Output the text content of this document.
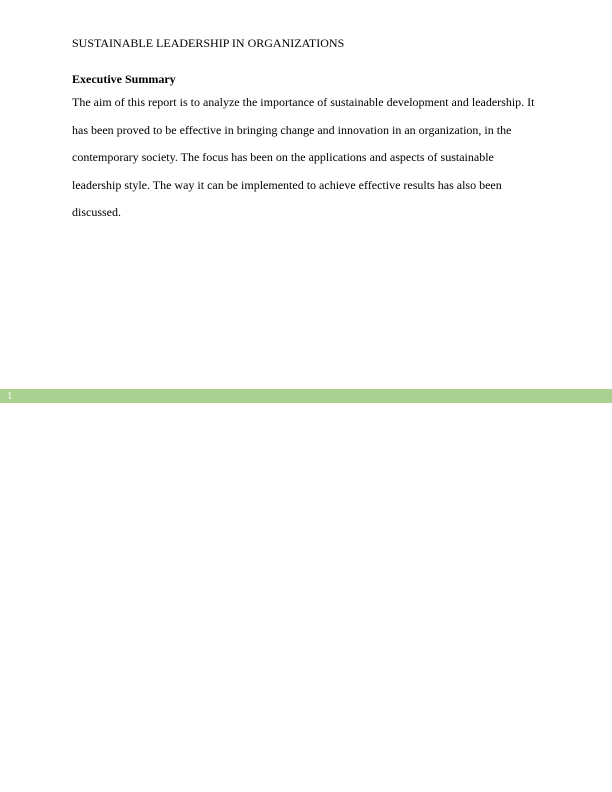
SUSTAINABLE LEADERSHIP IN ORGANIZATIONS
Executive Summary
The aim of this report is to analyze the importance of sustainable development and leadership. It
has been proved to be effective in bringing change and innovation in an organization, in the
contemporary society. The focus has been on the applications and aspects of sustainable
leadership style. The way it can be implemented to achieve effective results has also been
discussed.
1
